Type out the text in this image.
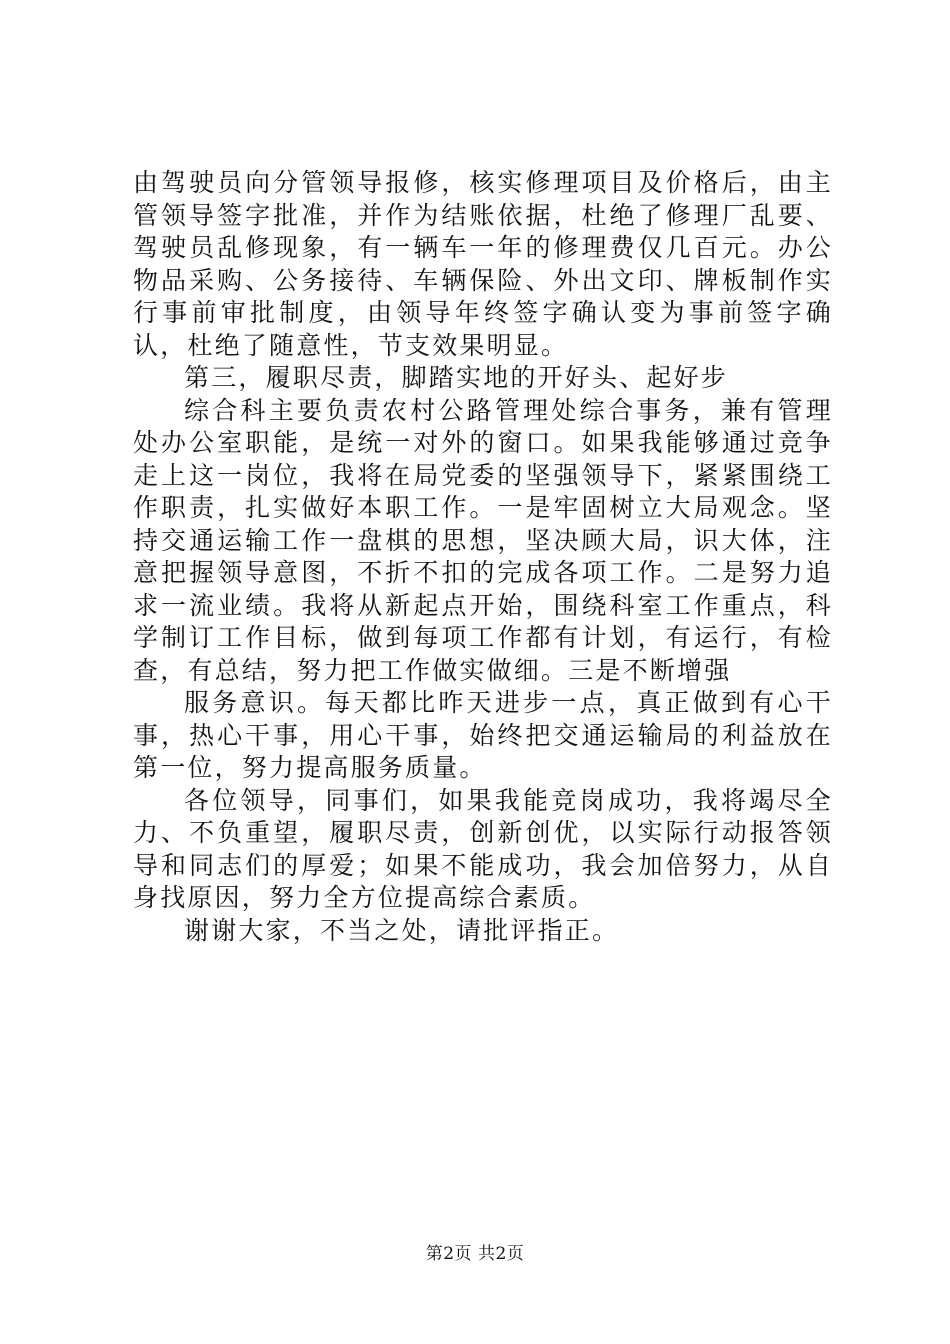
由驾驶员向分管领导报修，核实修理项目及价格后，由主管领导签字批准，并作为结账依据，杜绝了修理厂乱要、驾驶员乱修现象，有一辆车一年的修理费仅几百元。办公物品采购、公务接待、车辆保险、外出文印、牌板制作实行事前审批制度，由领导年终签字确认变为事前签字确认，杜绝了随意性，节支效果明显。

第三，履职尽责，脚踏实地的开好头、起好步

综合科主要负责农村公路管理处综合事务，兼有管理处办公室职能，是统一对外的窗口。如果我能够通过竞争走上这一岗位，我将在局党委的坚强领导下，紧紧围绕工作职责，扎实做好本职工作。一是牢固树立大局观念。坚持交通运输工作一盘棋的思想，坚决顾大局，识大体，注意把握领导意图，不折不扣的完成各项工作。二是努力追求一流业绩。我将从新起点开始，围绕科室工作重点，科学制订工作目标，做到每项工作都有计划，有运行，有检查，有总结，努力把工作做实做细。三是不断增强

服务意识。每天都比昨天进步一点，真正做到有心干事，热心干事，用心干事，始终把交通运输局的利益放在第一位，努力提高服务质量。

各位领导，同事们，如果我能竞岗成功，我将竭尽全力、不负重望，履职尽责，创新创优，以实际行动报答领导和同志们的厚爱；如果不能成功，我会加倍努力，从自身找原因，努力全方位提高综合素质。

谢谢大家，不当之处，请批评指正。

第2页 共2页
